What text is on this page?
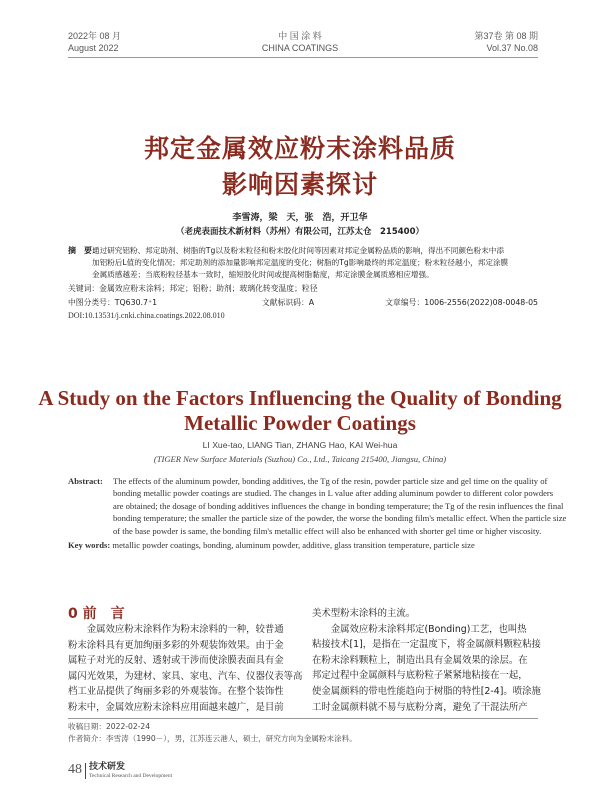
2022年 08 月
August 2022
中 国 涂 料
CHINA COATINGS
第37卷 第 08 期
Vol.37 No.08
邦定金属效应粉末涂料品质
影响因素探讨
李雪涛，梁　天，张　浩，开卫华
（老虎表面技术新材料（苏州）有限公司，江苏太仓　215400）
摘　要：
通过研究铝粉、邦定助剂、树脂的Tg以及粉末粒径和粉末胶化时间等因素对邦定金属粉品质的影响，得出不同颜色粉末中添
加铝粉后L值的变化情况；邦定助剂的添加量影响邦定温度的变化；树脂的Tg影响最终的邦定温度；粉末粒径越小，邦定涂膜
金属质感越差；当底粉粒径基本一致时，缩短胶化时间或提高树脂黏度，邦定涂膜金属质感相应增强。
关键词：金属效应粉末涂料；邦定；铝粉；助剂；玻璃化转变温度；粒径
中图分类号：TQ630.7⁺1	文献标识码：A	文章编号：1006-2556(2022)08-0048-05
DOI:10.13531/j.cnki.china.coatings.2022.08.010
A Study on the Factors Influencing the Quality of Bonding
Metallic Powder Coatings
LI Xue-tao, LIANG Tian, ZHANG Hao, KAI Wei-hua
(TIGER New Surface Materials (Suzhou) Co., Ltd., Taicang 215400, Jiangsu, China)
Abstract: The effects of the aluminum powder, bonding additives, the Tg of the resin, powder particle size and gel time on the quality of
bonding metallic powder coatings are studied. The changes in L value after adding aluminum powder to different color powders
are obtained; the dosage of bonding additives influences the change in bonding temperature; the Tg of the resin influences the final
bonding temperature; the smaller the particle size of the powder, the worse the bonding film's metallic effect. When the particle size
of the base powder is same, the bonding film's metallic effect will also be enhanced with shorter gel time or higher viscosity.
Key words: metallic powder coatings, bonding, aluminum powder, additive, glass transition temperature, particle size
0 前　言
　　金属效应粉末涂料作为粉末涂料的一种，较普通
粉末涂料具有更加绚丽多彩的外观装饰效果。由于金
属粒子对光的反射、透射或干涉而使涂膜表面具有金
属闪光效果，为建材、家具、家电、汽车、仪器仪表等高
档工业品提供了绚丽多彩的外观装饰。在整个装饰性
粉末中，金属效应粉末涂料应用面越来越广，是目前
美术型粉末涂料的主流。
　　金属效应粉末涂料邦定(Bonding)工艺，也叫热
粘接技术[1]，是指在一定温度下，将金属颜料颗粒粘接
在粉末涂料颗粒上，制造出具有金属效果的涂层。在
邦定过程中金属颜料与底粉粒子紧紧地粘接在一起，
使金属颜料的带电性能趋向于树脂的特性[2-4]。喷涂施
工时金属颜料就不易与底粉分离，避免了干混法所产
收稿日期：2022-02-24
作者简介：李雪涛（1990－），男，江苏连云港人，硕士，研究方向为金属粉末涂料。
48 技术研发
Technical Research and Development
